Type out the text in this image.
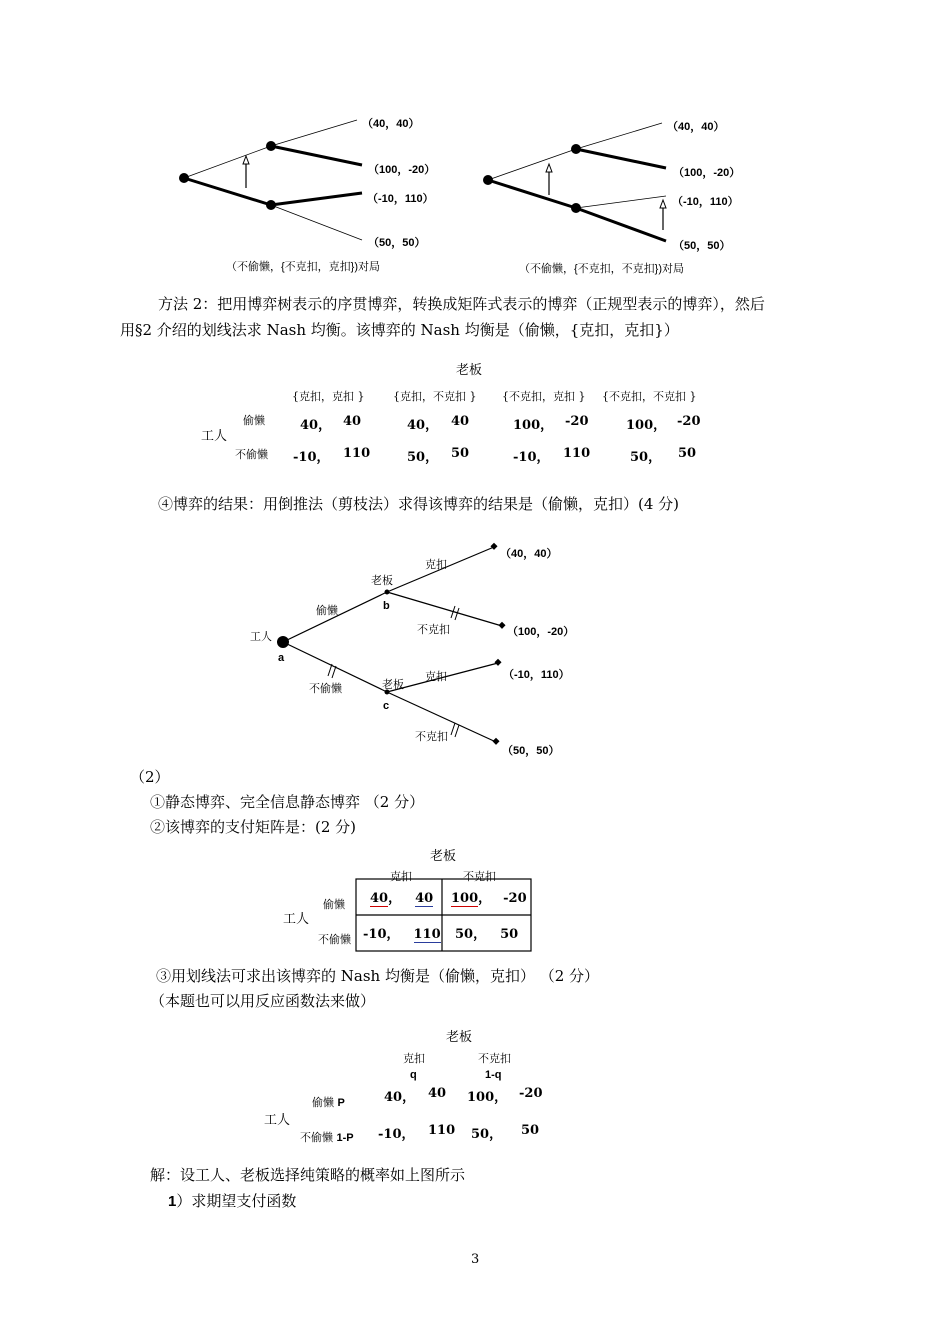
（40，40）
（100，-20）
（-10，110）
（50，50）
（不偷懒，{不克扣，克扣})对局
（40，40）
（100，-20）
（-10，110）
（50，50）
（不偷懒，{不克扣，不克扣})对局
方法 2：把用博弈树表示的序贯博弈，转换成矩阵式表示的博弈（正规型表示的博弈），然后
用§2 介绍的划线法求 Nash 均衡。该博弈的 Nash 均衡是（偷懒，{克扣，克扣}）
老板
{克扣，克扣 }	{克扣，不克扣 } {不克扣，克扣 } {不克扣，不克扣 }
工人
偷懒
不偷懒
40， 40	40， 40	100， -20	100， -20
-10， 110	50， 50	-10， 110	50， 50
④博弈的结果：用倒推法（剪枝法）求得该博弈的结果是（偷懒，克扣）(4 分)
工人
a
老板
b
老板
c
偷懒
不偷懒
克扣
不克扣
克扣
不克扣
（40，40）
（100，-20）
（-10，110）
（50，50）
（2）
①静态博弈、完全信息静态博弈 （2 分）
②该博弈的支付矩阵是：(2 分)
老板
克扣	不克扣
工人
偷懒
不偷懒
40， 40 100， -20
-10， 110 50， 50
③用划线法可求出该博弈的 Nash 均衡是（偷懒，克扣） （2 分）
（本题也可以用反应函数法来做）
老板
克扣	不克扣
q	1-q
工人
偷懒 P
不偷懒 1-P
40， 40 100， -20
-10， 110 50， 50
解：设工人、老板选择纯策略的概率如上图所示
1）求期望支付函数
3
